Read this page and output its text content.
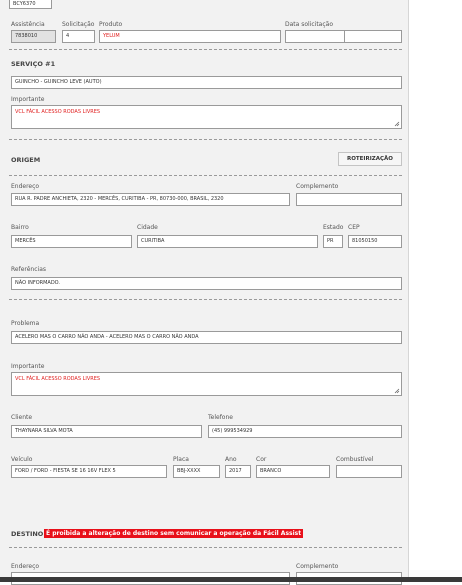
BCY6370
Assistência
7838010
Solicitação
4
Produto
YELUM
Data solicitação
SERVIÇO #1
GUINCHO - GUINCHO LEVE (AUTO)
Importante
VCL FÁCIL ACESSO RODAS LIVRES
ORIGEM	ROTEIRIZAÇÃO
Endereço
RUA R. PADRE ANCHIETA, 2320 - MERCÊS, CURITIBA - PR, 80730-000, BRASIL, 2320
Complemento
Bairro
MERCÊS
Cidade
CURITIBA
Estado
PR
CEP
81050150
Referências
NÃO INFORMADO.
Problema
ACELERO MAS O CARRO NÃO ANDA - ACELERO MAS O CARRO NÃO ANDA
Importante
VCL FÁCIL ACESSO RODAS LIVRES
Cliente
THAYNARA SILVA MOTA
Telefone
(45) 999534929
Veículo
FORD / FORD - FIESTA SE 16 16V FLEX 5
Placa
BBJ-XXXX
Ano
2017
Cor
BRANCO
Combustível
DESTINO É proibida a alteração de destino sem comunicar a operação da Fácil Assist
Endereço	Complemento
